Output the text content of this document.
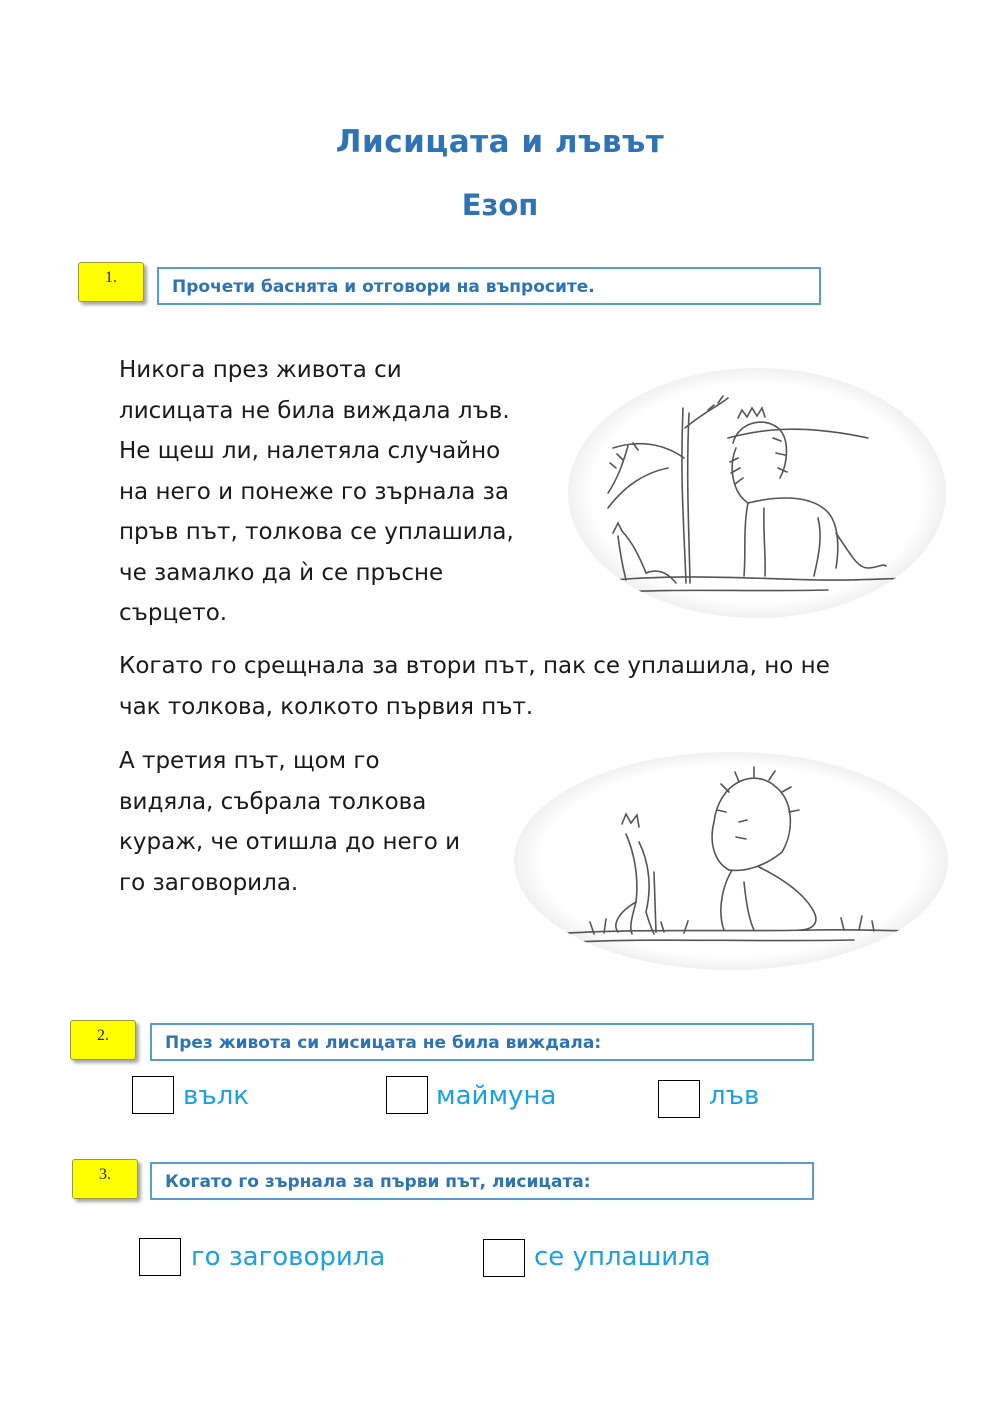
Лисицата и лъвът
Езоп
1.	Прочети баснята и отговори на въпросите.
Никога през живота си
лисицата не била виждала лъв.
Не щеш ли, налетяла случайно
на него и понеже го зърнала за
пръв път, толкова се уплашила,
че замалко да ѝ се пръсне
сърцето.
Когато го срещнала за втори път, пак се уплашила, но не
чак толкова, колкото първия път.
А третия път, щом го
видяла, събрала толкова
кураж, че отишла до него и
го заговорила.
2.	През живота си лисицата не била виждала:
вълк	маймуна	лъв
3.	Когато го зърнала за първи път, лисицата:
го заговорила	се уплашила
